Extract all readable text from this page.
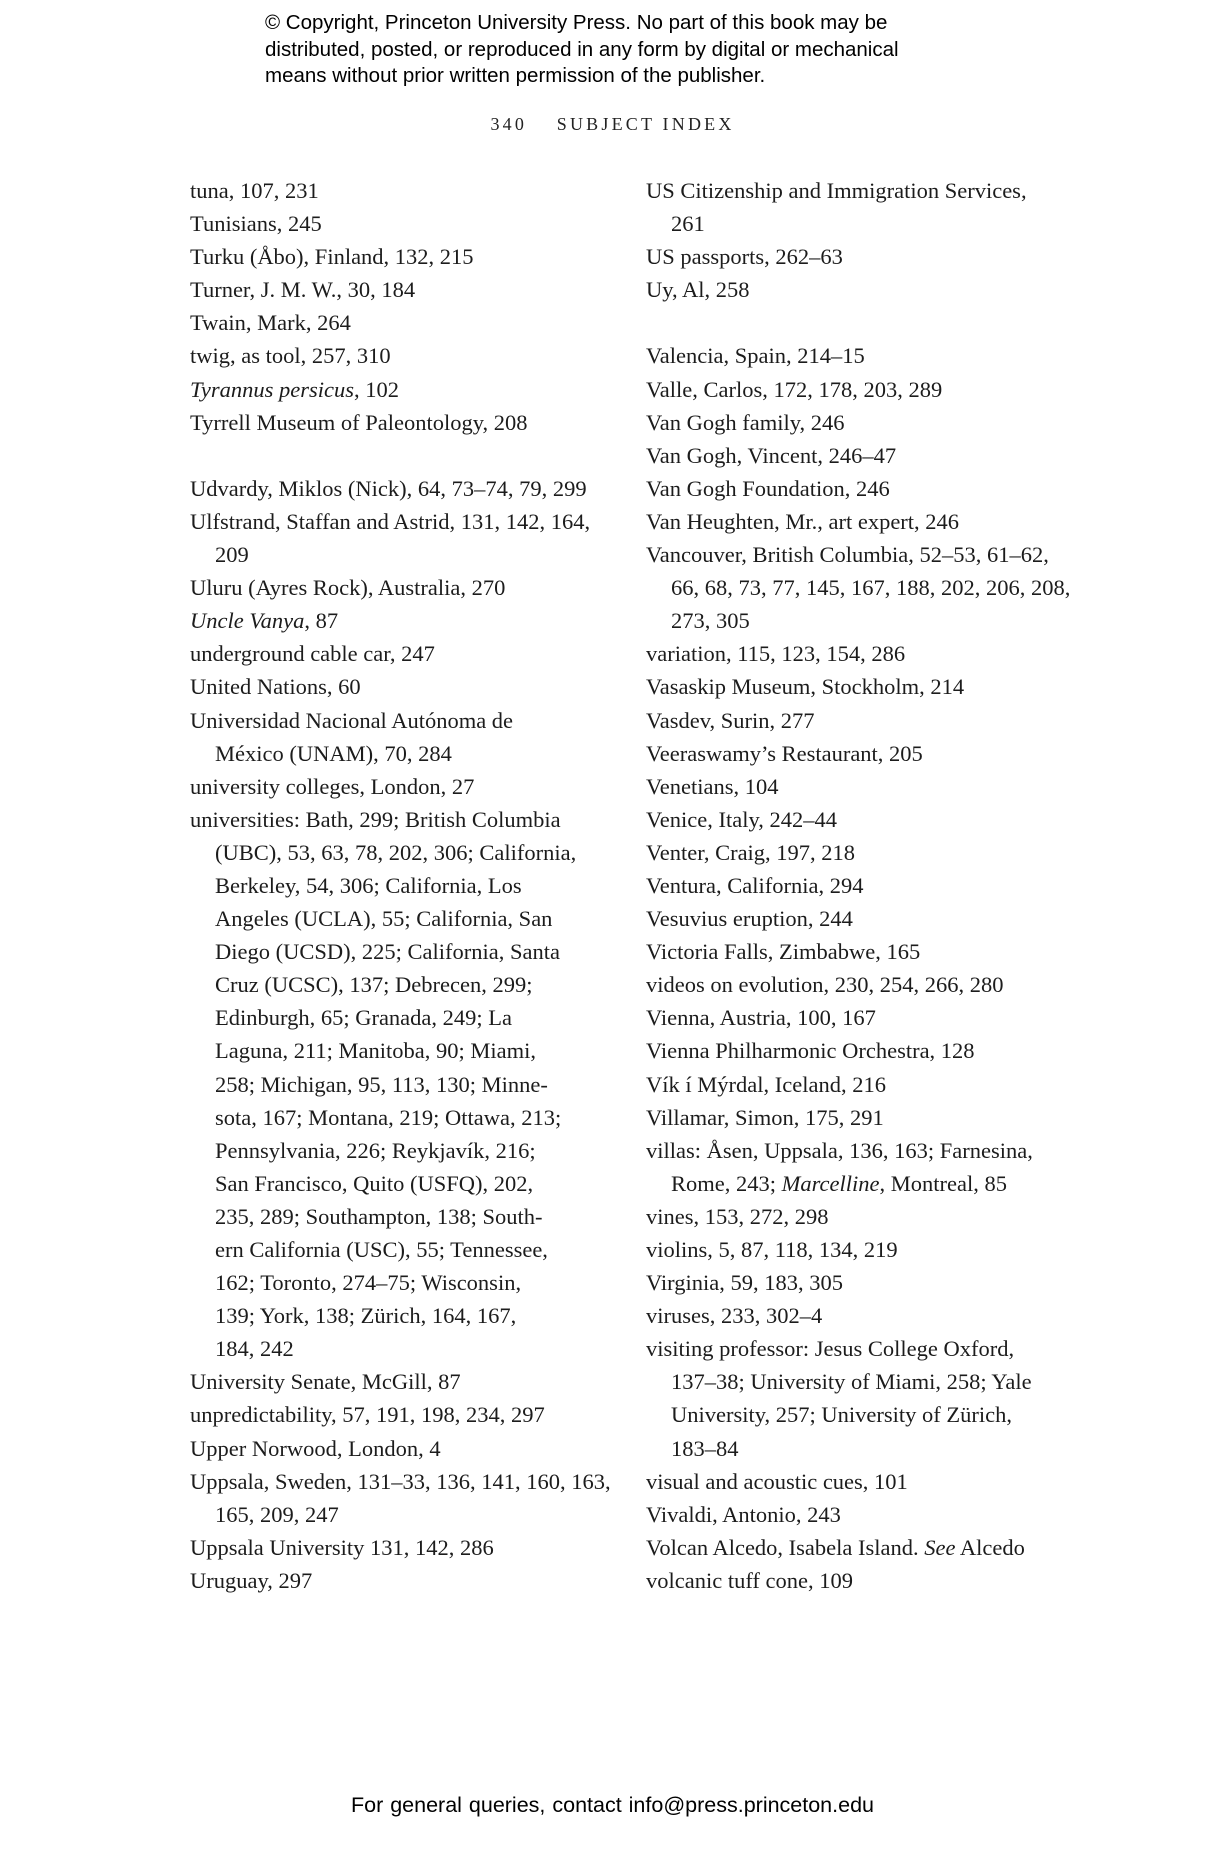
© Copyright, Princeton University Press. No part of this book may be
distributed, posted, or reproduced in any form by digital or mechanical
means without prior written permission of the publisher.
340 SUBJECT INDEX
tuna, 107, 231
Tunisians, 245
Turku (Åbo), Finland, 132, 215
Turner, J. M. W., 30, 184
Twain, Mark, 264
twig, as tool, 257, 310
Tyrannus persicus, 102
Tyrrell Museum of Paleontology, 208
Udvardy, Miklos (Nick), 64, 73–74, 79, 299
Ulfstrand, Staffan and Astrid, 131, 142, 164,
209
Uluru (Ayres Rock), Australia, 270
Uncle Vanya, 87
underground cable car, 247
United Nations, 60
Universidad Nacional Autónoma de
México (UNAM), 70, 284
university colleges, London, 27
universities: Bath, 299; British Columbia
(UBC), 53, 63, 78, 202, 306; California,
Berkeley, 54, 306; California, Los
Angeles (UCLA), 55; California, San
Diego (UCSD), 225; California, Santa
Cruz (UCSC), 137; Debrecen, 299;
Edinburgh, 65; Granada, 249; La
Laguna, 211; Manitoba, 90; Miami,
258; Michigan, 95, 113, 130; Minne-
sota, 167; Montana, 219; Ottawa, 213;
Pennsylvania, 226; Reykjavík, 216;
San Francisco, Quito (USFQ), 202,
235, 289; Southampton, 138; South-
ern California (USC), 55; Tennessee,
162; Toronto, 274–75; Wisconsin,
139; York, 138; Zürich, 164, 167,
184, 242
University Senate, McGill, 87
unpredictability, 57, 191, 198, 234, 297
Upper Norwood, London, 4
Uppsala, Sweden, 131–33, 136, 141, 160, 163,
165, 209, 247
Uppsala University 131, 142, 286
Uruguay, 297
US Citizenship and Immigration Services,
261
US passports, 262–63
Uy, Al, 258
Valencia, Spain, 214–15
Valle, Carlos, 172, 178, 203, 289
Van Gogh family, 246
Van Gogh, Vincent, 246–47
Van Gogh Foundation, 246
Van Heughten, Mr., art expert, 246
Vancouver, British Columbia, 52–53, 61–62,
66, 68, 73, 77, 145, 167, 188, 202, 206, 208,
273, 305
variation, 115, 123, 154, 286
Vasaskip Museum, Stockholm, 214
Vasdev, Surin, 277
Veeraswamy’s Restaurant, 205
Venetians, 104
Venice, Italy, 242–44
Venter, Craig, 197, 218
Ventura, California, 294
Vesuvius eruption, 244
Victoria Falls, Zimbabwe, 165
videos on evolution, 230, 254, 266, 280
Vienna, Austria, 100, 167
Vienna Philharmonic Orchestra, 128
Vík í Mýrdal, Iceland, 216
Villamar, Simon, 175, 291
villas: Åsen, Uppsala, 136, 163; Farnesina,
Rome, 243; Marcelline, Montreal, 85
vines, 153, 272, 298
violins, 5, 87, 118, 134, 219
Virginia, 59, 183, 305
viruses, 233, 302–4
visiting professor: Jesus College Oxford,
137–38; University of Miami, 258; Yale
University, 257; University of Zürich,
183–84
visual and acoustic cues, 101
Vivaldi, Antonio, 243
Volcan Alcedo, Isabela Island. See Alcedo
volcanic tuff cone, 109
For general queries, contact info@press.princeton.edu
